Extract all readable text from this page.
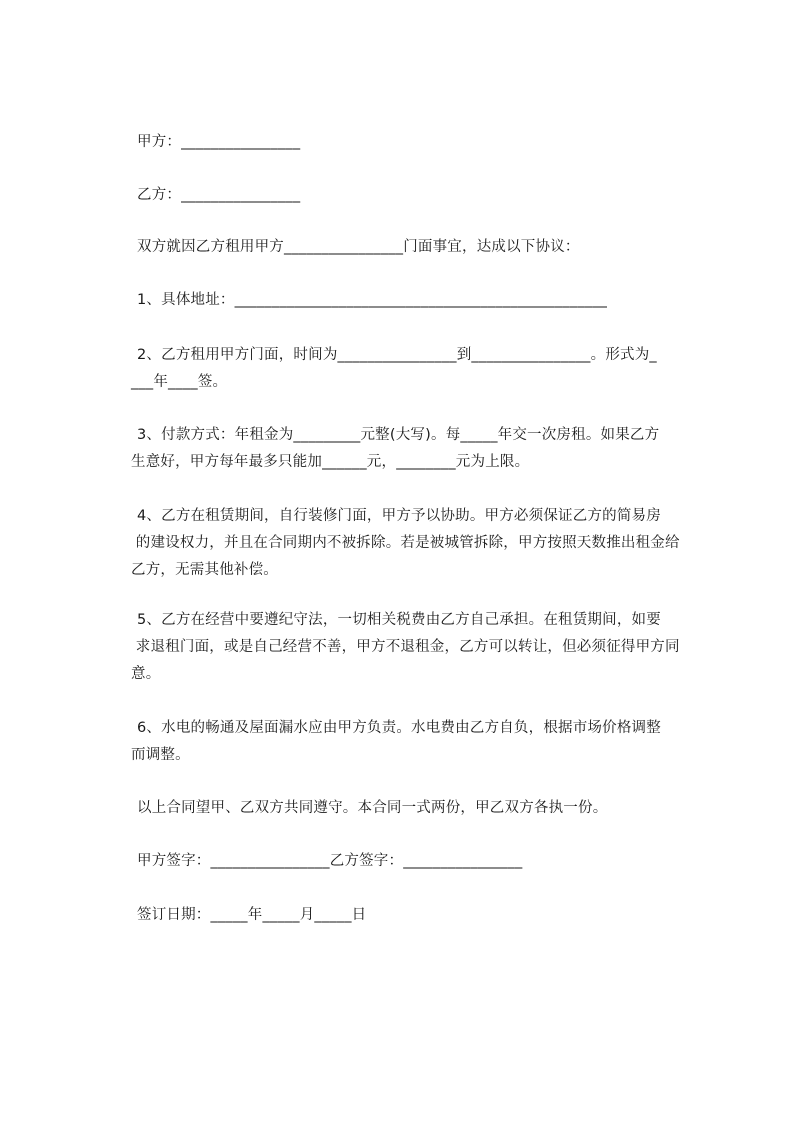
甲方：________________
乙方：________________
双方就因乙方租用甲方________________门面事宜，达成以下协议：
1、具体地址：__________________________________________________
2、乙方租用甲方门面，时间为________________到________________。形式为_
___年____签。
3、付款方式：年租金为_________元整(大写)。每_____年交一次房租。如果乙方
生意好，甲方每年最多只能加______元，________元为上限。
4、乙方在租赁期间，自行装修门面，甲方予以协助。甲方必须保证乙方的简易房
的建设权力，并且在合同期内不被拆除。若是被城管拆除，甲方按照天数推出租金给
乙方，无需其他补偿。
5、乙方在经营中要遵纪守法，一切相关税费由乙方自己承担。在租赁期间，如要
求退租门面，或是自己经营不善，甲方不退租金，乙方可以转让，但必须征得甲方同
意。
6、水电的畅通及屋面漏水应由甲方负责。水电费由乙方自负，根据市场价格调整
而调整。
以上合同望甲、乙双方共同遵守。本合同一式两份，甲乙双方各执一份。
甲方签字：________________乙方签字：________________
签订日期：_____年_____月_____日
